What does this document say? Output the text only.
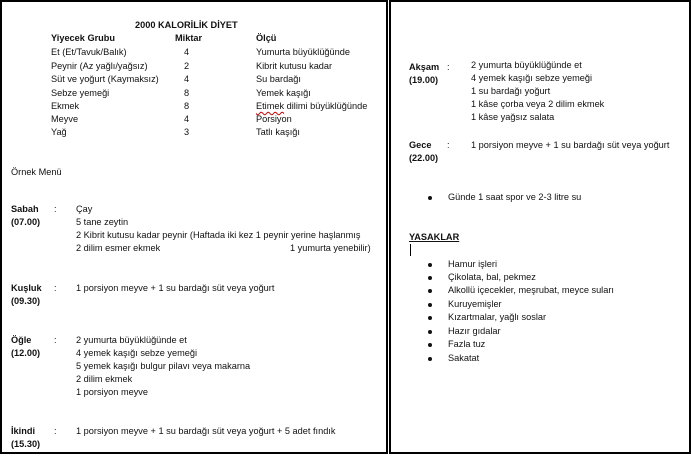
2000 KALORİLİK DİYET
Yiyecek Grubu	Miktar	Ölçü
Et (Et/Tavuk/Balık)	4	Yumurta büyüklüğünde
Peynir (Az yağlı/yağsız)	2	Kibrit kutusu kadar
Süt ve yoğurt (Kaymaksız)	4	Su bardağı
Sebze yemeği	8	Yemek kaşığı
Ekmek	8	Etimek dilimi büyüklüğünde
Meyve	4	Porsiyon
Yağ	3	Tatlı kaşığı
Örnek Menü
Sabah
(07.00)
: Çay
5 tane zeytin
2 Kibrit kutusu kadar peynir (Haftada iki kez 1 peynir yerine haşlanmış
2 dilim esmer ekmek	1 yumurta yenebilir)
Kuşluk
(09.30)
: 1 porsiyon meyve + 1 su bardağı süt veya yoğurt
Öğle
(12.00)
: 2 yumurta büyüklüğünde et
4 yemek kaşığı sebze yemeği
5 yemek kaşığı bulgur pilavı veya makarna
2 dilim ekmek
1 porsiyon meyve
İkindi
(15.30)
: 1 porsiyon meyve + 1 su bardağı süt veya yoğurt + 5 adet fındık
Akşam
(19.00)
: 2 yumurta büyüklüğünde et
4 yemek kaşığı sebze yemeği
1 su bardağı yoğurt
1 kâse çorba veya 2 dilim ekmek
1 kâse yağsız salata
Gece
(22.00)
: 1 porsiyon meyve + 1 su bardağı süt veya yoğurt
Günde 1 saat spor ve 2-3 litre su
YASAKLAR
Hamur işleri
Çikolata, bal, pekmez
Alkollü içecekler, meşrubat, meyce suları
Kuruyemişler
Kızartmalar, yağlı soslar
Hazır gıdalar
Fazla tuz
Sakatat
